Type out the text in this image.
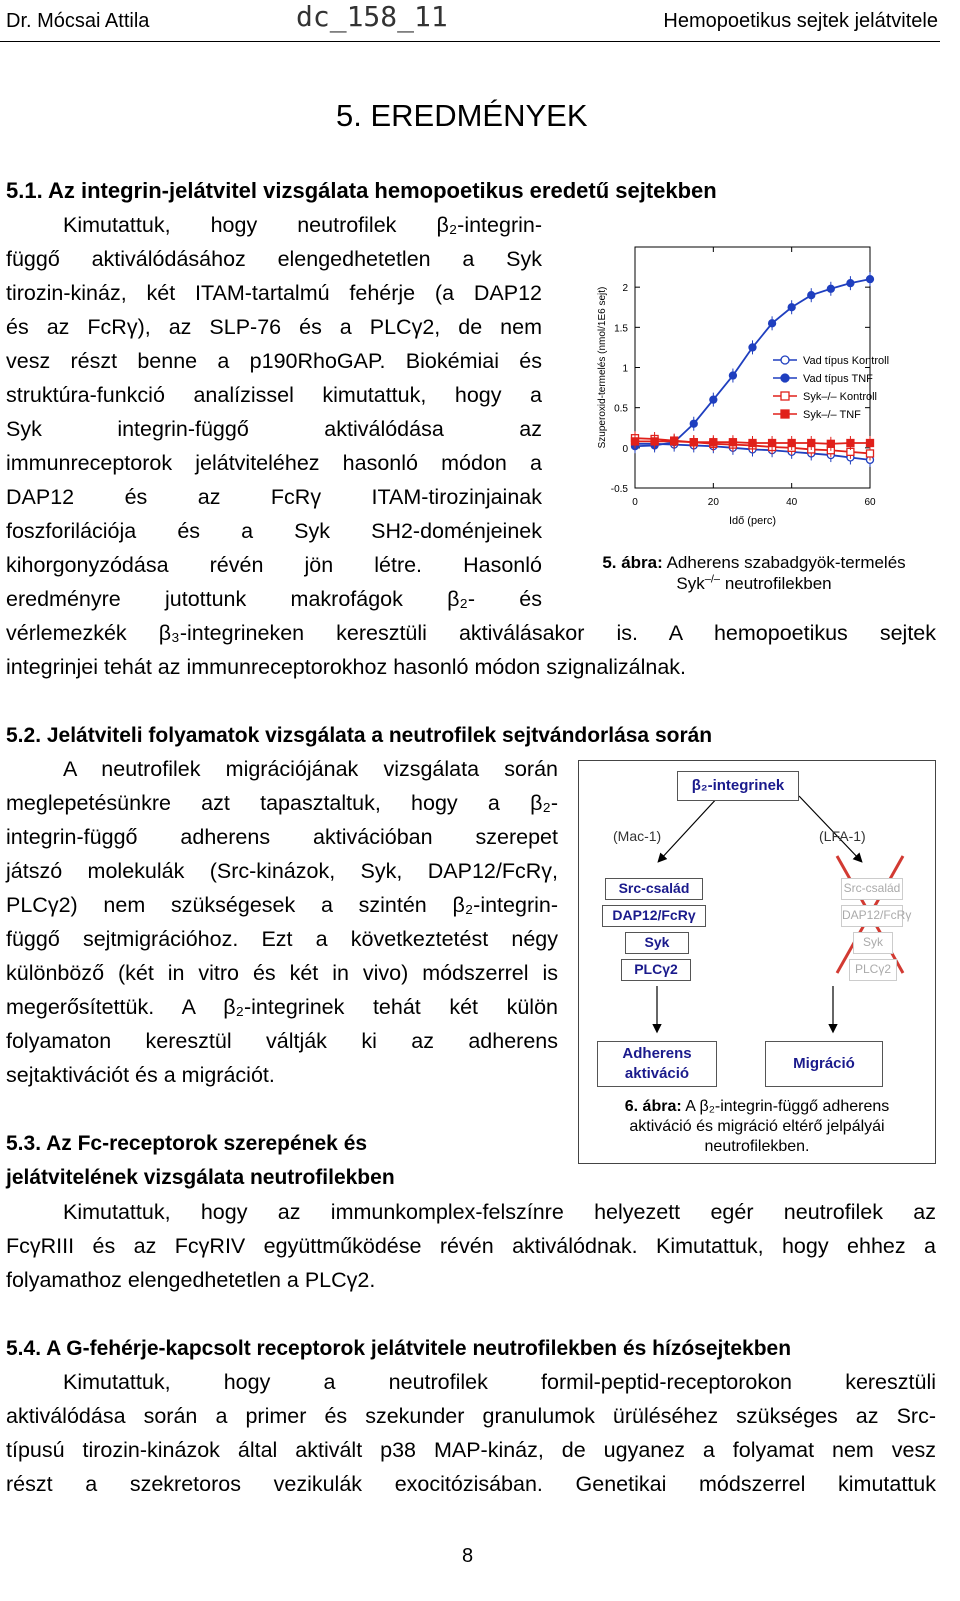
Dr. Mócsai Attila	dc_158_11	Hemopoetikus sejtek jelátvitele
5. EREDMÉNYEK
5.1. Az integrin-jelátvitel vizsgálata hemopoetikus eredetű sejtekben
Kimutattuk, hogy neutrofilek β₂-integrin-
függő aktiválódásához elengedhetetlen a Syk
tirozin-kináz, két ITAM-tartalmú fehérje (a DAP12
és az FcRγ), az SLP-76 és a PLCγ2, de nem
vesz részt benne a p190RhoGAP. Biokémiai és
struktúra-funkció analízissel kimutattuk, hogy a
Syk integrin-függő aktiválódása az
immunreceptorok jelátviteléhez hasonló módon a
DAP12 és az FcRγ ITAM-tirozinjainak
foszforilációja és a Syk SH2-doménjeinek
kihorgonyzódása révén jön létre. Hasonló
eredményre jutottunk makrofágok β₂- és
vérlemezkék β₃-integrineken keresztüli aktiválásakor is. A hemopoetikus sejtek
integrinjei tehát az immunreceptorokhoz hasonló módon szignalizálnak.
-0.5
0
0.5
1
1.5
2
0	20	40	60
Idő (perc)
Szuperoxid-termelés (nmol/1E6 sejt)	Vad típus Kontroll
Vad típus TNF
Syk–/– Kontroll
Syk–/– TNF
5. ábra: Adherens szabadgyök-termelés
Syk–/– neutrofilekben
5.2. Jelátviteli folyamatok vizsgálata a neutrofilek sejtvándorlása során
A neutrofilek migrációjának vizsgálata során
meglepetésünkre azt tapasztaltuk, hogy a β₂-
integrin-függő adherens aktivációban szerepet
játszó molekulák (Src-kinázok, Syk, DAP12/FcRγ,
PLCγ2) nem szükségesek a szintén β₂-integrin-
függő sejtmigrációhoz. Ezt a következtetést négy
különböző (két in vitro és két in vivo) módszerrel is
megerősítettük. A β₂-integrinek tehát két külön
folyamaton keresztül váltják ki az adherens
sejtaktivációt és a migrációt.
β₂-integrinek
(Mac-1)	(LFA-1)
Src-család
DAP12/FcRγ
Syk
PLCγ2
Src-család
DAP12/FcRγ
Syk
PLCγ2
Adherens
aktiváció
Migráció
6. ábra: A β₂-integrin-függő adherens
aktiváció és migráció eltérő jelpályái
neutrofilekben.
5.3. Az Fc-receptorok szerepének és
jelátvitelének vizsgálata neutrofilekben
Kimutattuk, hogy az immunkomplex-felszínre helyezett egér neutrofilek az
FcγRIII és az FcγRIV együttműködése révén aktiválódnak. Kimutattuk, hogy ehhez a
folyamathoz elengedhetetlen a PLCγ2.
5.4. A G-fehérje-kapcsolt receptorok jelátvitele neutrofilekben és hízósejtekben
Kimutattuk, hogy a neutrofilek formil-peptid-receptorokon keresztüli
aktiválódása során a primer és szekunder granulumok ürüléséhez szükséges az Src-
típusú tirozin-kinázok által aktivált p38 MAP-kináz, de ugyanez a folyamat nem vesz
részt a szekretoros vezikulák exocitózisában. Genetikai módszerrel kimutattuk
8
